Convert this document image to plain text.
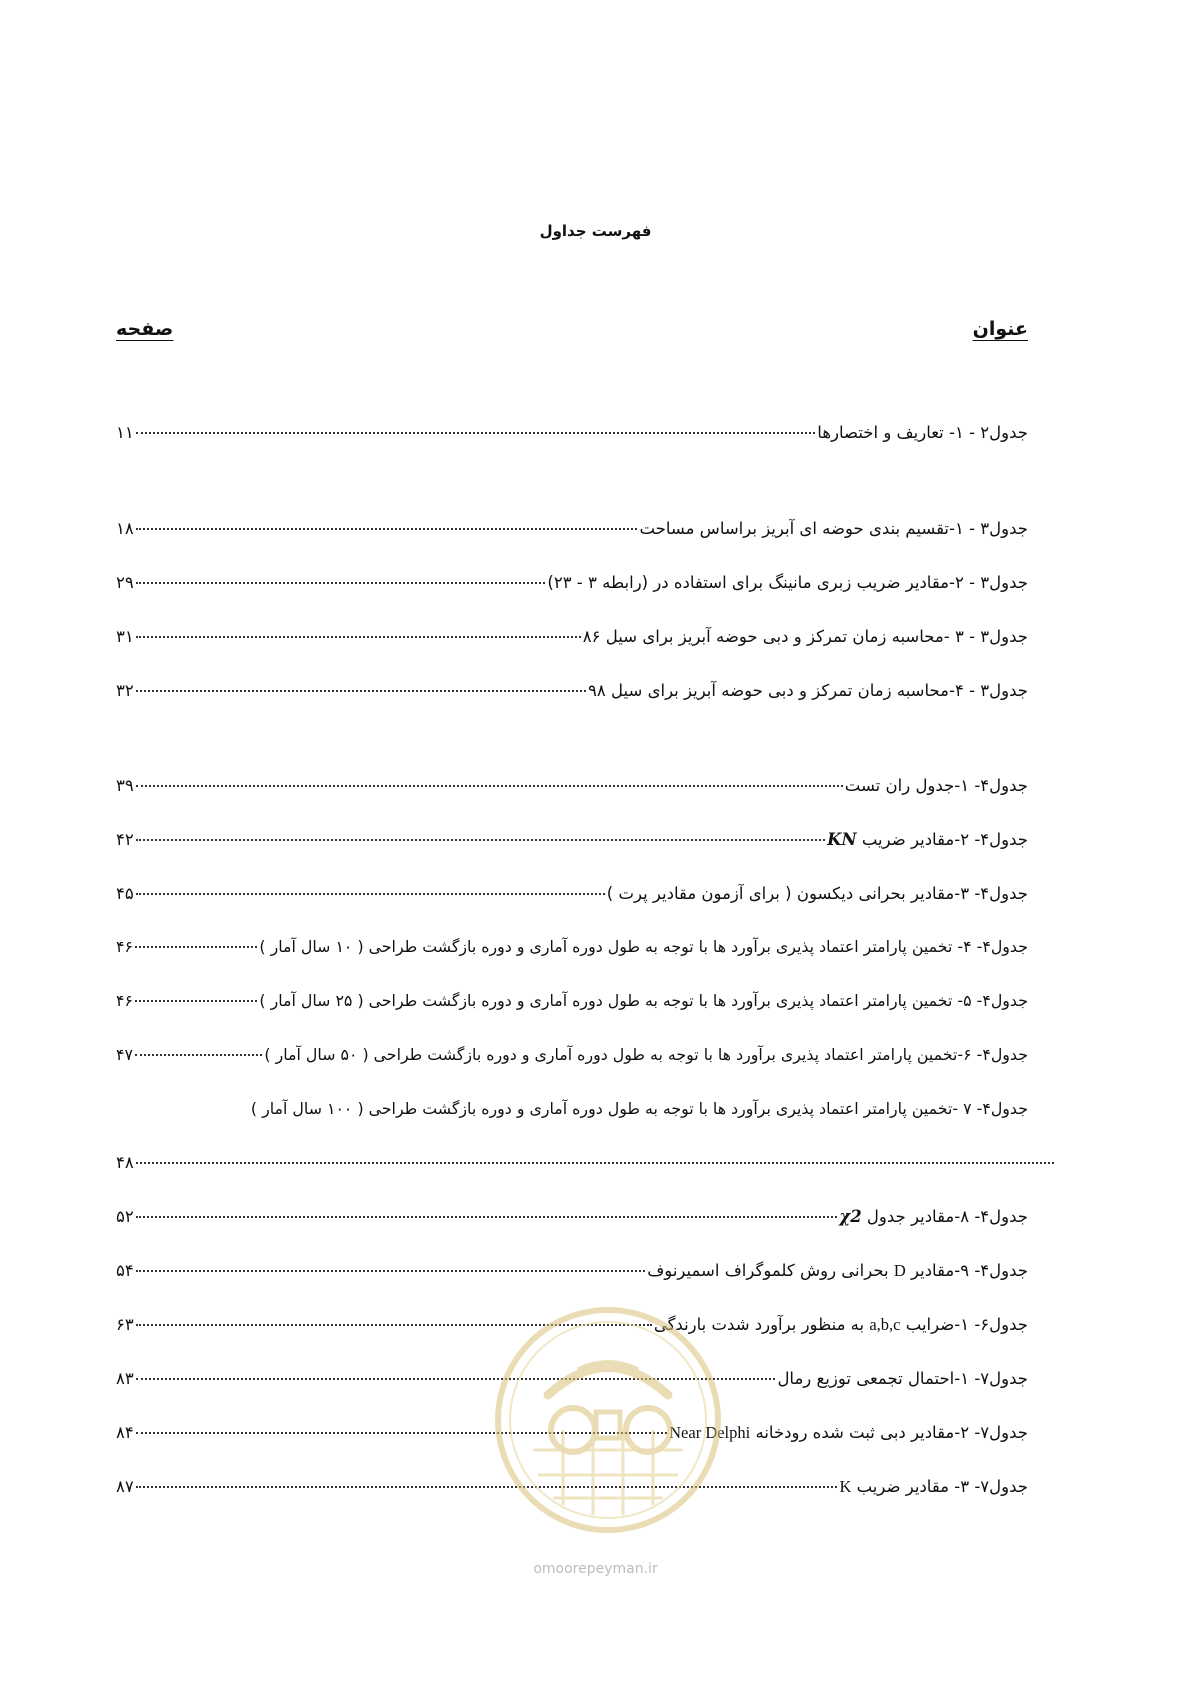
فهرست جداول
عنوان
صفحه
جدول۲ - ۱- تعاریف و اختصارها
۱۱
جدول۳ - ۱-تقسیم بندی حوضه ای آبریز براساس مساحت
۱۸
جدول۳ - ۲-مقادیر ضریب زبری مانینگ برای استفاده در (رابطه ۳ - ۲۳)
۲۹
جدول۳ - ۳ -محاسبه زمان تمرکز و دبی حوضه آبریز برای سیل ۸۶
۳۱
جدول۳ - ۴-محاسبه زمان تمرکز و دبی حوضه آبریز برای سیل ۹۸
۳۲
جدول۴- ۱-جدول ران تست
۳۹
جدول۴- ۲-مقادیر ضریب KN
۴۲
جدول۴- ۳-مقادیر بحرانی دیکسون ( برای آزمون مقادیر پرت )
۴۵
جدول۴- ۴- تخمین پارامتر اعتماد پذیری برآورد ها با توجه به طول دوره آماری و دوره بازگشت طراحی ( ۱۰ سال آمار )
۴۶
جدول۴- ۵- تخمین پارامتر اعتماد پذیری برآورد ها با توجه به طول دوره آماری و دوره بازگشت طراحی ( ۲۵ سال آمار )
۴۶
جدول۴- ۶-تخمین پارامتر اعتماد پذیری برآورد ها با توجه به طول دوره آماری و دوره بازگشت طراحی ( ۵۰ سال آمار )
۴۷
جدول۴- ۷ -تخمین پارامتر اعتماد پذیری برآورد ها با توجه به طول دوره آماری و دوره بازگشت طراحی ( ۱۰۰ سال آمار )
۴۸
جدول۴- ۸-مقادیر جدول χ2
۵۲
جدول۴- ۹-مقادیر D بحرانی روش کلموگراف اسمیرنوف
۵۴
جدول۶- ۱-ضرایب a,b,c به منظور برآورد شدت بارندگی
۶۳
جدول۷- ۱-احتمال تجمعی توزیع رمال
۸۳
جدول۷- ۲-مقادیر دبی ثبت شده رودخانه Near Delphi
۸۴
جدول۷- ۳- مقادیر ضریب K
۸۷
omoorepeyman.ir
